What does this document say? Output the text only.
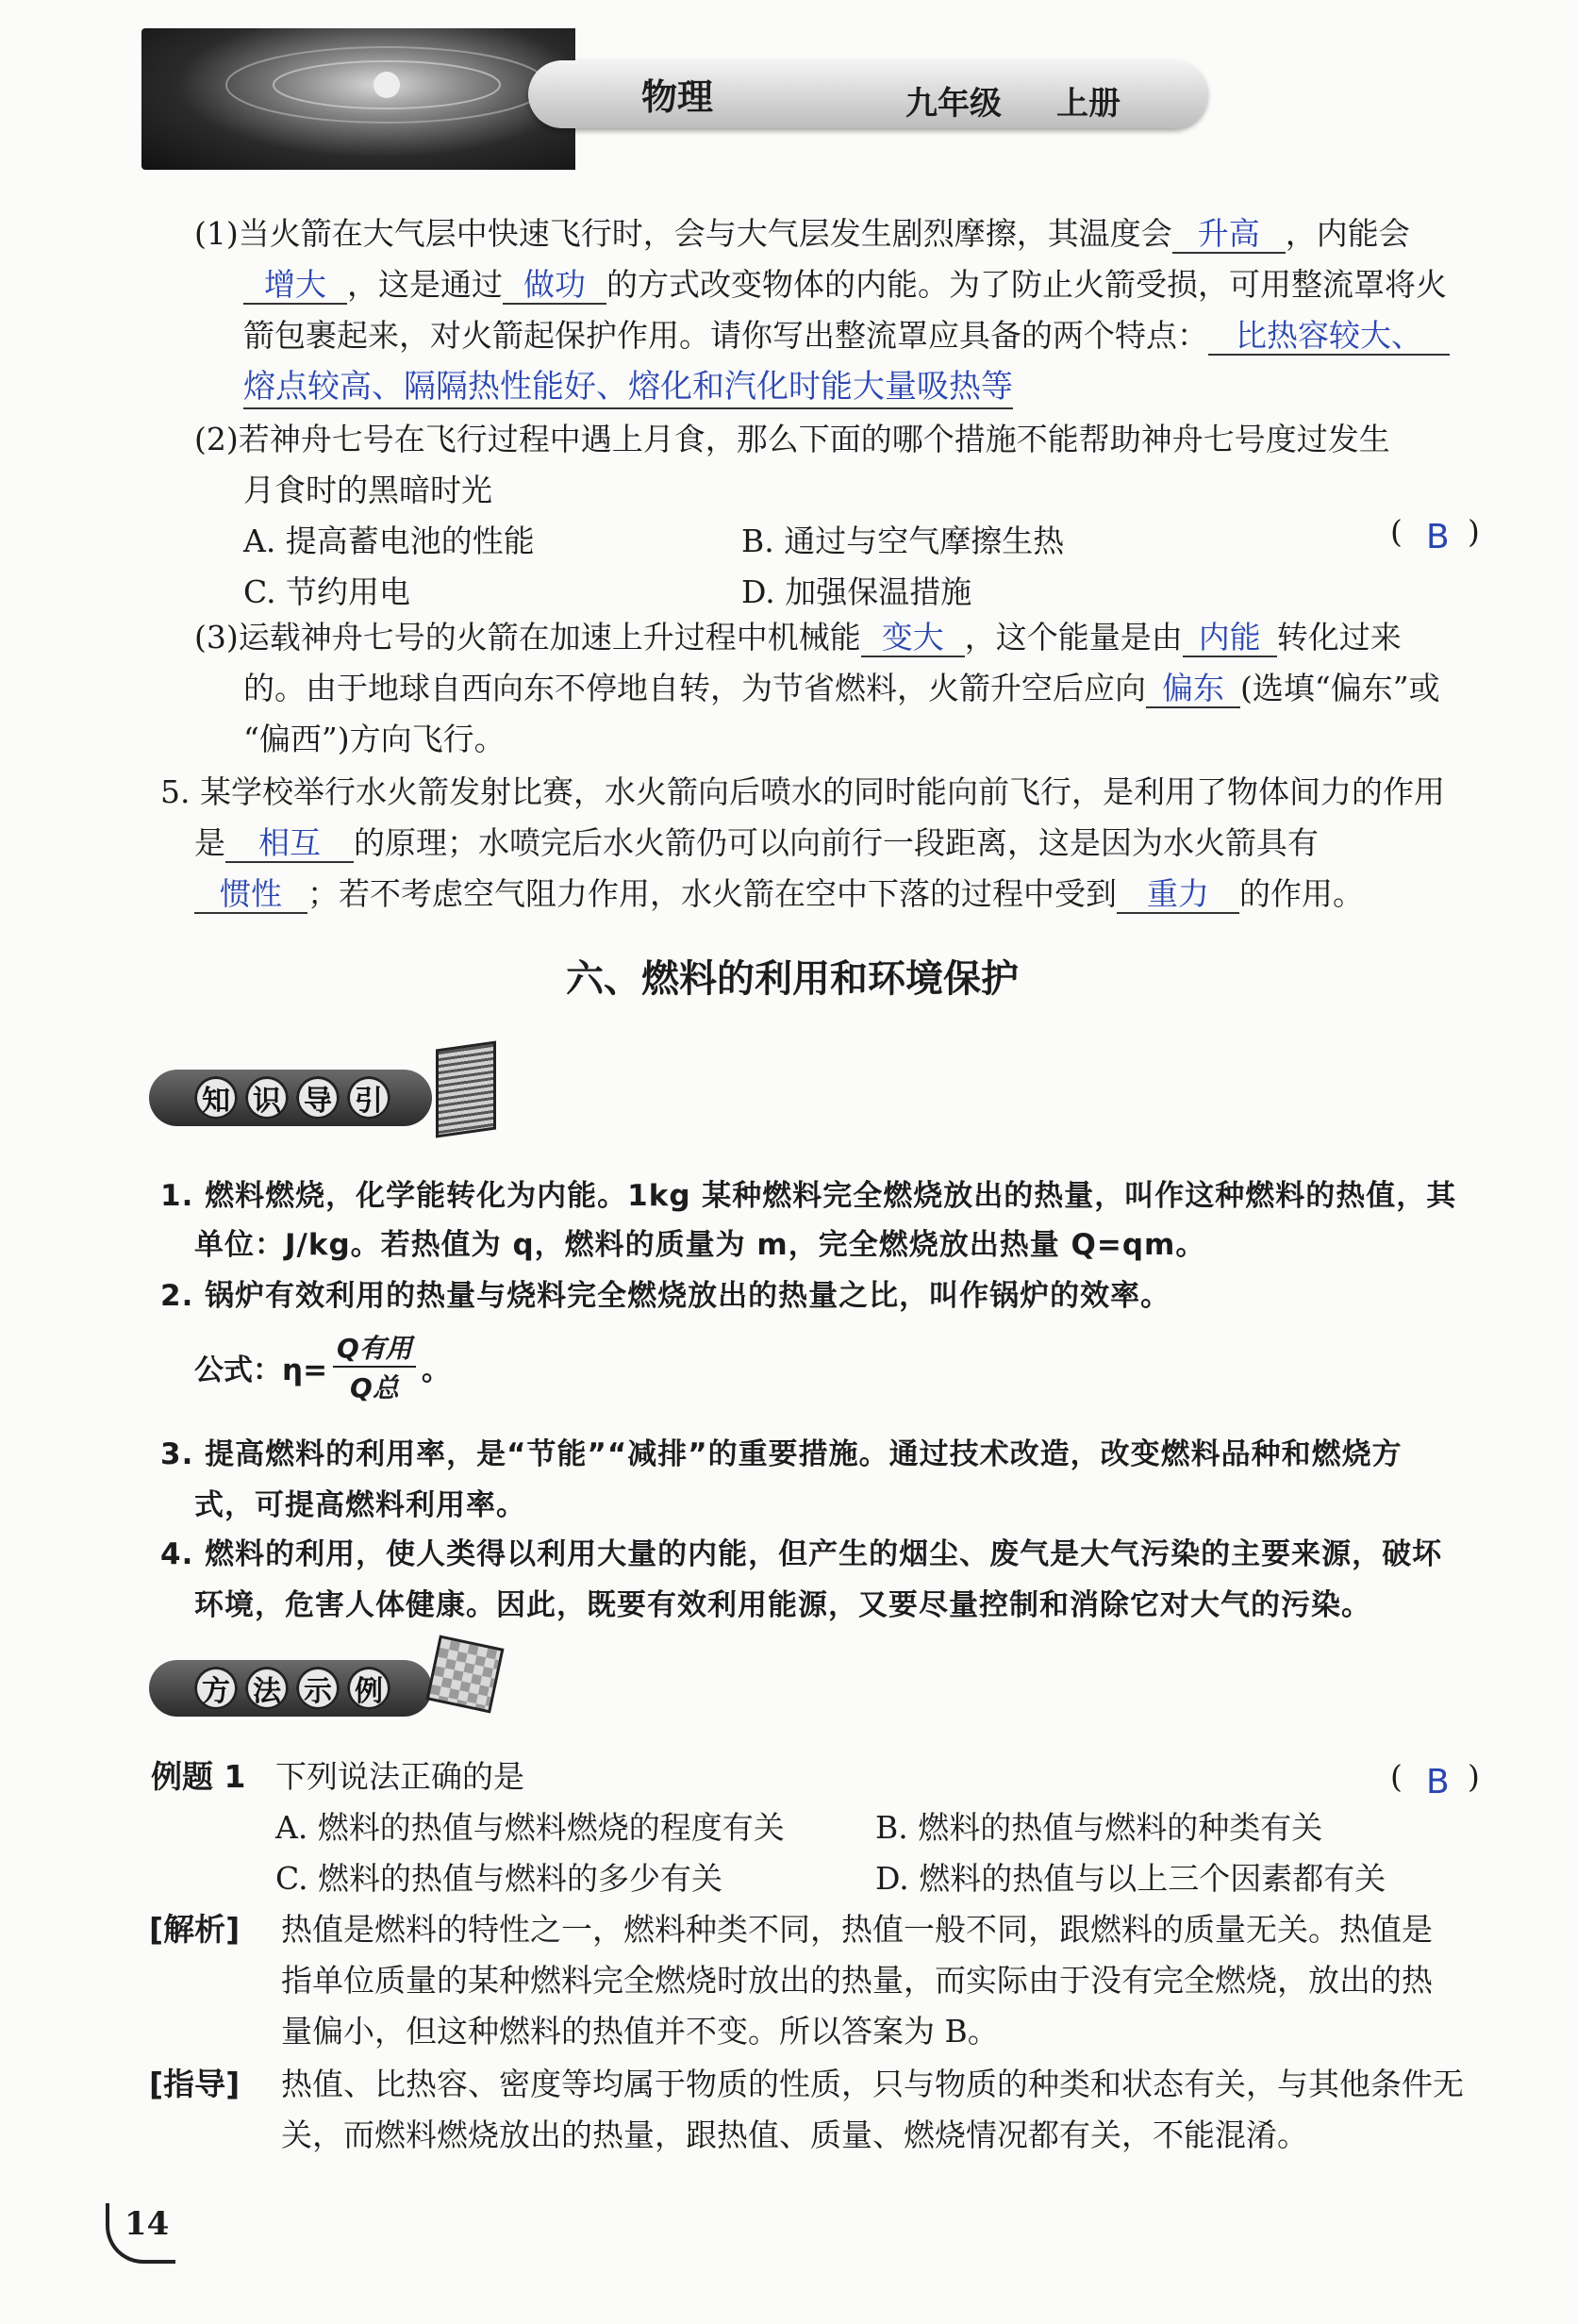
物理	九年级 上册
(1)当火箭在大气层中快速飞行时，会与大气层发生剧烈摩擦，其温度会 升高 ，内能会
增大 ，这是通过 做功 的方式改变物体的内能。为了防止火箭受损，可用整流罩将火
箭包裹起来，对火箭起保护作用。请你写出整流罩应具备的两个特点： 比热容较大、
熔点较高、隔隔热性能好、熔化和汽化时能大量吸热等
(2)若神舟七号在飞行过程中遇上月食，那么下面的哪个措施不能帮助神舟七号度过发生
月食时的黑暗时光
( B )
A. 提高蓄电池的性能	B. 通过与空气摩擦生热
C. 节约用电	D. 加强保温措施
(3)运载神舟七号的火箭在加速上升过程中机械能 变大 ，这个能量是由 内能 转化过来
的。由于地球自西向东不停地自转，为节省燃料，火箭升空后应向 偏东 (选填“偏东”或
“偏西”)方向飞行。
5. 某学校举行水火箭发射比赛，水火箭向后喷水的同时能向前飞行，是利用了物体间力的作用
是 相互 的原理；水喷完后水火箭仍可以向前行一段距离，这是因为水火箭具有
惯性 ；若不考虑空气阻力作用，水火箭在空中下落的过程中受到 重力 的作用。
六、燃料的利用和环境保护
知 识 导 引
1. 燃料燃烧，化学能转化为内能。1kg 某种燃料完全燃烧放出的热量，叫作这种燃料的热值，其
单位：J/kg。若热值为 q，燃料的质量为 m，完全燃烧放出热量 Q=qm。
2. 锅炉有效利用的热量与烧料完全燃烧放出的热量之比，叫作锅炉的效率。
公式：η=
Q有用
Q总
。
3. 提高燃料的利用率，是“节能”“减排”的重要措施。通过技术改造，改变燃料品种和燃烧方
式，可提高燃料利用率。
4. 燃料的利用，使人类得以利用大量的内能，但产生的烟尘、废气是大气污染的主要来源，破坏
环境，危害人体健康。因此，既要有效利用能源，又要尽量控制和消除它对大气的污染。
方 法 示 例
例题 1 下列说法正确的是	( B )
A. 燃料的热值与燃料燃烧的程度有关	B. 燃料的热值与燃料的种类有关
C. 燃料的热值与燃料的多少有关	D. 燃料的热值与以上三个因素都有关
[解析] 热值是燃料的特性之一，燃料种类不同，热值一般不同，跟燃料的质量无关。热值是
指单位质量的某种燃料完全燃烧时放出的热量，而实际由于没有完全燃烧，放出的热
量偏小，但这种燃料的热值并不变。所以答案为 B。
[指导] 热值、比热容、密度等均属于物质的性质，只与物质的种类和状态有关，与其他条件无
关，而燃料燃烧放出的热量，跟热值、质量、燃烧情况都有关，不能混淆。
14
